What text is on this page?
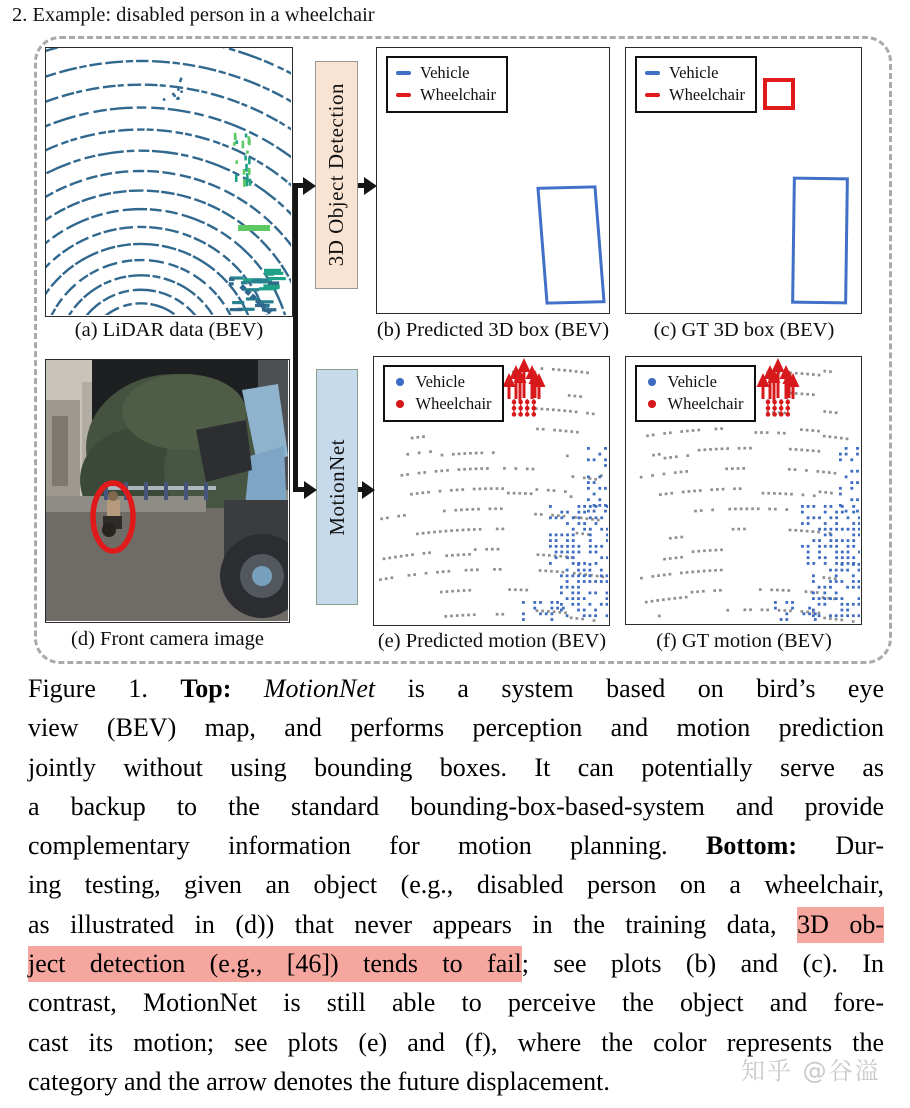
2. Example: disabled person in a wheelchair
(a) LiDAR data (BEV)
3D Object Detection
Vehicle
Wheelchair
(b) Predicted 3D box (BEV)
Vehicle
Wheelchair
(c) GT 3D box (BEV)
(d) Front camera image
MotionNet
Vehicle
Wheelchair
(e) Predicted motion (BEV)
Vehicle
Wheelchair
(f) GT motion (BEV)
Figure 1. Top: MotionNet is a system based on bird’s eye
view (BEV) map, and performs perception and motion prediction
jointly without using bounding boxes. It can potentially serve as
a backup to the standard bounding-box-based-system and provide
complementary information for motion planning. Bottom: Dur-
ing testing, given an object (e.g., disabled person on a wheelchair,
as illustrated in (d)) that never appears in the training data, 3D ob-
ject detection (e.g., [46]) tends to fail; see plots (b) and (c). In
contrast, MotionNet is still able to perceive the object and fore-
cast its motion; see plots (e) and (f), where the color represents the
category and the arrow denotes the future displacement.	知乎 @谷溢
